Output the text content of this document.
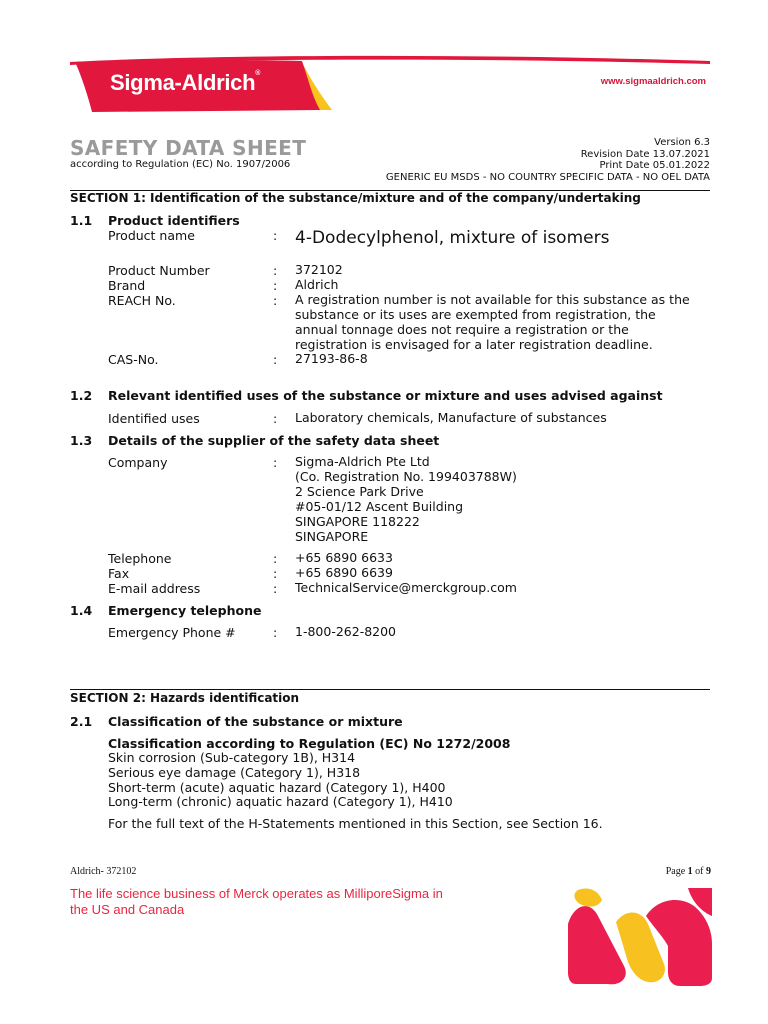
Sigma-Aldrich®
www.sigmaaldrich.com
SAFETY DATA SHEET
according to Regulation (EC) No. 1907/2006
Version 6.3
Revision Date 13.07.2021
Print Date 05.01.2022
GENERIC EU MSDS - NO COUNTRY SPECIFIC DATA - NO OEL DATA
SECTION 1: Identification of the substance/mixture and of the company/undertaking
1.1 Product identifiers
Product name	: 4-Dodecylphenol, mixture of isomers
Product Number	: 372102
Brand	: Aldrich
REACH No.	: A registration number is not available for this substance as the
substance or its uses are exempted from registration, the
annual tonnage does not require a registration or the
registration is envisaged for a later registration deadline.
CAS-No.	: 27193-86-8
1.2 Relevant identified uses of the substance or mixture and uses advised against
Identified uses	: Laboratory chemicals, Manufacture of substances
1.3 Details of the supplier of the safety data sheet
Company	: Sigma-Aldrich Pte Ltd
(Co. Registration No. 199403788W)
2 Science Park Drive
#05-01/12 Ascent Building
SINGAPORE 118222
SINGAPORE
Telephone	: +65 6890 6633
Fax	: +65 6890 6639
E-mail address	: TechnicalService@merckgroup.com
1.4 Emergency telephone
Emergency Phone #	: 1-800-262-8200
SECTION 2: Hazards identification
2.1 Classification of the substance or mixture
Classification according to Regulation (EC) No 1272/2008
Skin corrosion (Sub-category 1B), H314
Serious eye damage (Category 1), H318
Short-term (acute) aquatic hazard (Category 1), H400
Long-term (chronic) aquatic hazard (Category 1), H410
For the full text of the H-Statements mentioned in this Section, see Section 16.
Aldrich- 372102	Page 1 of 9
The life science business of Merck operates as MilliporeSigma in
the US and Canada
